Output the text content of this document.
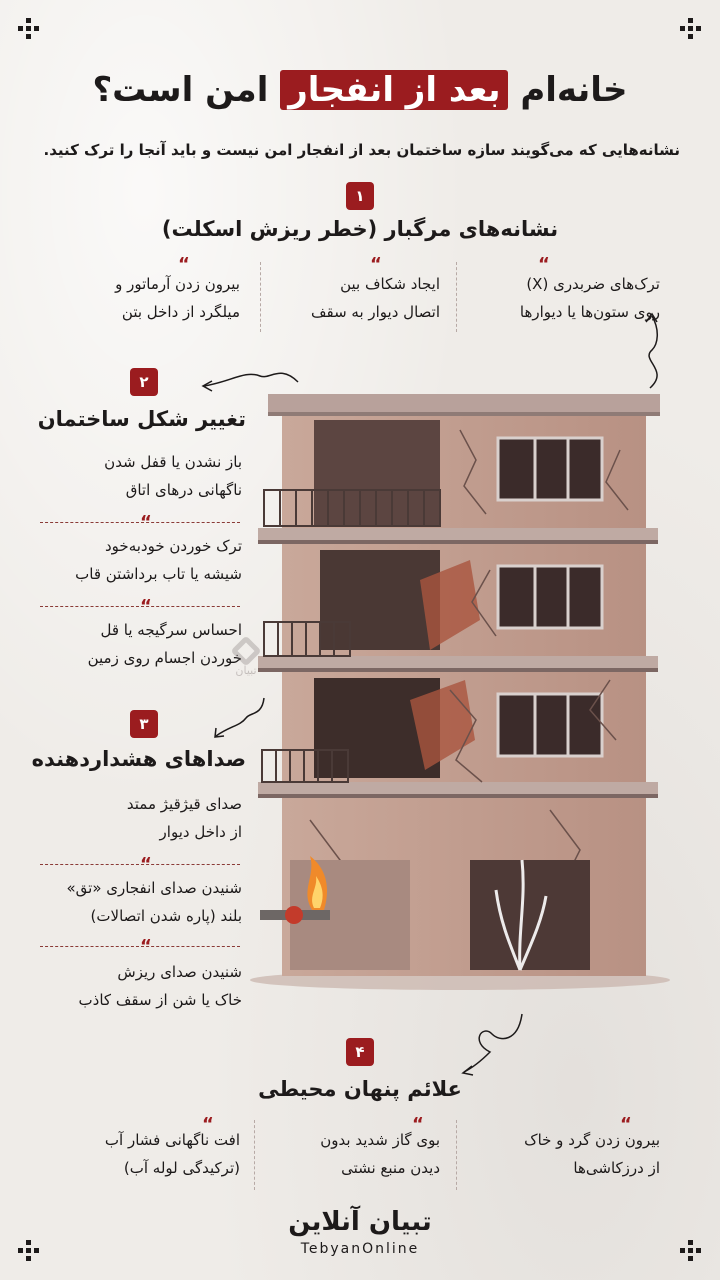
خانه‌ام بعد از انفجار امن است؟
نشانه‌هایی که می‌گویند سازه ساختمان بعد از انفجار امن نیست و باید آنجا را ترک کنید.
۱
نشانه‌های مرگبار (خطر ریزش اسکلت)
“
ترک‌های ضربدری (X)
روی ستون‌ها یا دیوارها
“
ایجاد شکاف بین
اتصال دیوار به سقف
“
بیرون زدن آرماتور و
میلگرد از داخل بتن
۲
تغییر شکل ساختمان
باز نشدن یا قفل شدن
ناگهانی درهای اتاق
“
ترک خوردن خودبه‌خود
شیشه یا تاب برداشتن قاب
“
احساس سرگیجه یا قل
خوردن اجسام روی زمین
تبیان
۳
صداهای هشداردهنده
صدای قیژقیژ ممتد
از داخل دیوار
“
شنیدن صدای انفجاری «تق»
بلند (پاره شدن اتصالات)
“
شنیدن صدای ریزش
خاک یا شن از سقف کاذب
۴
علائم پنهان محیطی
“
بیرون زدن گرد و خاک
از درزکاشی‌ها
“
بوی گاز شدید بدون
دیدن منبع نشتی
“
افت ناگهانی فشار آب
(ترکیدگی لوله آب)
تبیان آنلاین
TebyanOnline
